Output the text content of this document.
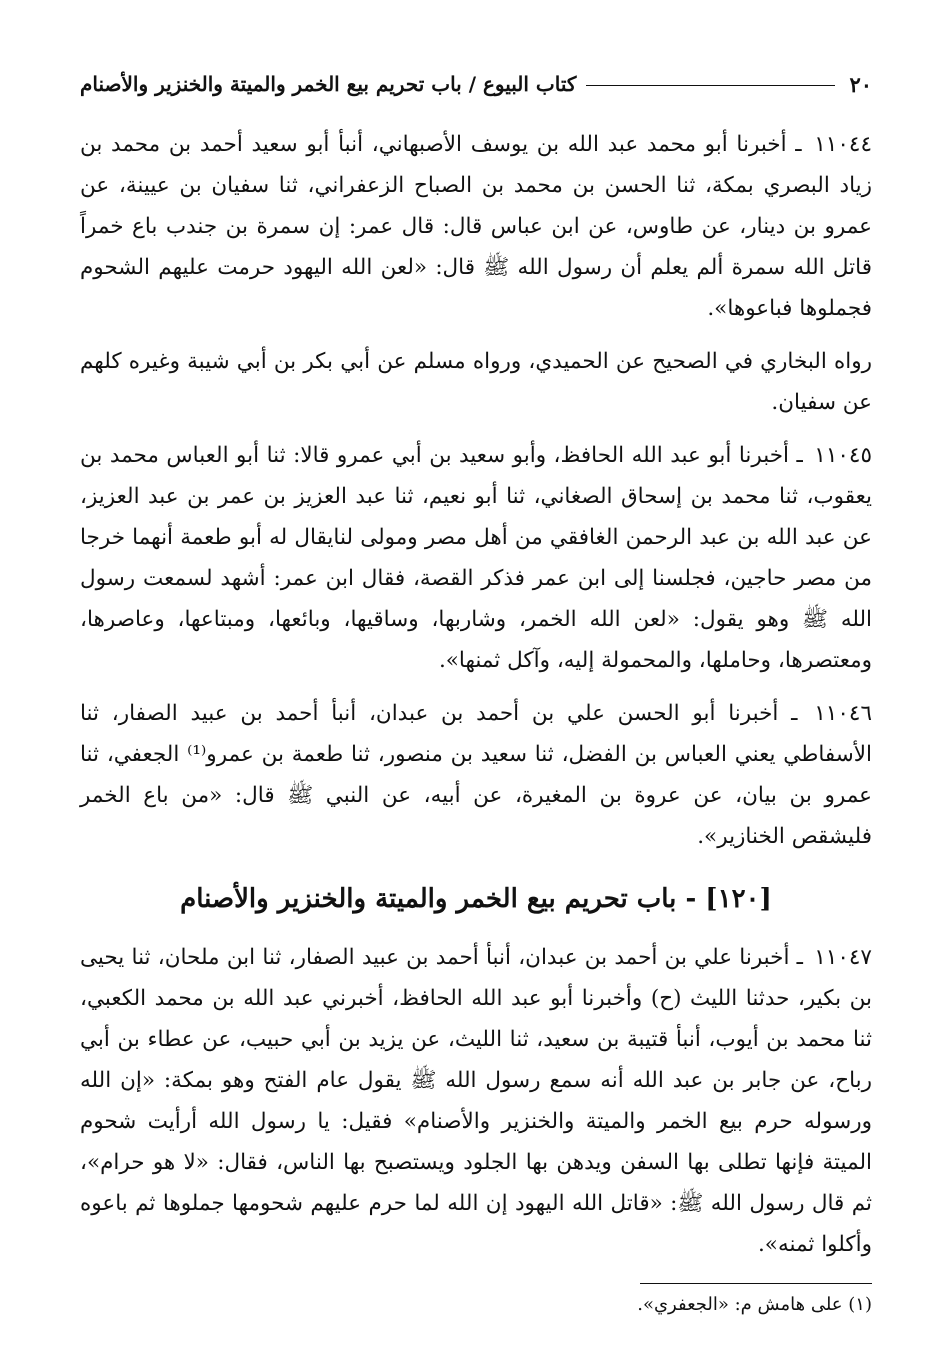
٢٠
كتاب البيوع / باب تحريم بيع الخمر والميتة والخنزير والأصنام

١١٠٤٤ ـ أخبرنا أبو محمد عبد الله بن يوسف الأصبهاني، أنبأ أبو سعيد أحمد بن محمد بن زياد البصري بمكة، ثنا الحسن بن محمد بن الصباح الزعفراني، ثنا سفيان بن عيينة، عن عمرو بن دينار، عن طاوس، عن ابن عباس قال: قال عمر: إن سمرة بن جندب باع خمراً قاتل الله سمرة ألم يعلم أن رسول الله ﷺ قال: «لعن الله اليهود حرمت عليهم الشحوم فجملوها فباعوها».

رواه البخاري في الصحيح عن الحميدي، ورواه مسلم عن أبي بكر بن أبي شيبة وغيره كلهم عن سفيان.

١١٠٤٥ ـ أخبرنا أبو عبد الله الحافظ، وأبو سعيد بن أبي عمرو قالا: ثنا أبو العباس محمد بن يعقوب، ثنا محمد بن إسحاق الصغاني، ثنا أبو نعيم، ثنا عبد العزيز بن عمر بن عبد العزيز، عن عبد الله بن عبد الرحمن الغافقي من أهل مصر ومولى لنايقال له أبو طعمة أنهما خرجا من مصر حاجين، فجلسنا إلى ابن عمر فذكر القصة، فقال ابن عمر: أشهد لسمعت رسول الله ﷺ وهو يقول: «لعن الله الخمر، وشاربها، وساقيها، وبائعها، ومبتاعها، وعاصرها، ومعتصرها، وحاملها، والمحمولة إليه، وآكل ثمنها».

١١٠٤٦ ـ أخبرنا أبو الحسن علي بن أحمد بن عبدان، أنبأ أحمد بن عبيد الصفار، ثنا الأسفاطي يعني العباس بن الفضل، ثنا سعيد بن منصور، ثنا طعمة بن عمرو⁽¹⁾ الجعفي، ثنا عمرو بن بيان، عن عروة بن المغيرة، عن أبيه، عن النبي ﷺ قال: «من باع الخمر فليشقص الخنازير».

[١٢٠] - باب تحريم بيع الخمر والميتة والخنزير والأصنام

١١٠٤٧ ـ أخبرنا علي بن أحمد بن عبدان، أنبأ أحمد بن عبيد الصفار، ثنا ابن ملحان، ثنا يحيى بن بكير، حدثنا الليث (ح) وأخبرنا أبو عبد الله الحافظ، أخبرني عبد الله بن محمد الكعبي، ثنا محمد بن أيوب، أنبأ قتيبة بن سعيد، ثنا الليث، عن يزيد بن أبي حبيب، عن عطاء بن أبي رباح، عن جابر بن عبد الله أنه سمع رسول الله ﷺ يقول عام الفتح وهو بمكة: «إن الله ورسوله حرم بيع الخمر والميتة والخنزير والأصنام» فقيل: يا رسول الله أرأيت شحوم الميتة فإنها تطلى بها السفن ويدهن بها الجلود ويستصبح بها الناس، فقال: «لا هو حرام»، ثم قال رسول الله ﷺ: «قاتل الله اليهود إن الله لما حرم عليهم شحومها جملوها ثم باعوه وأكلوا ثمنه».

(١) على هامش م: «الجعفري».
